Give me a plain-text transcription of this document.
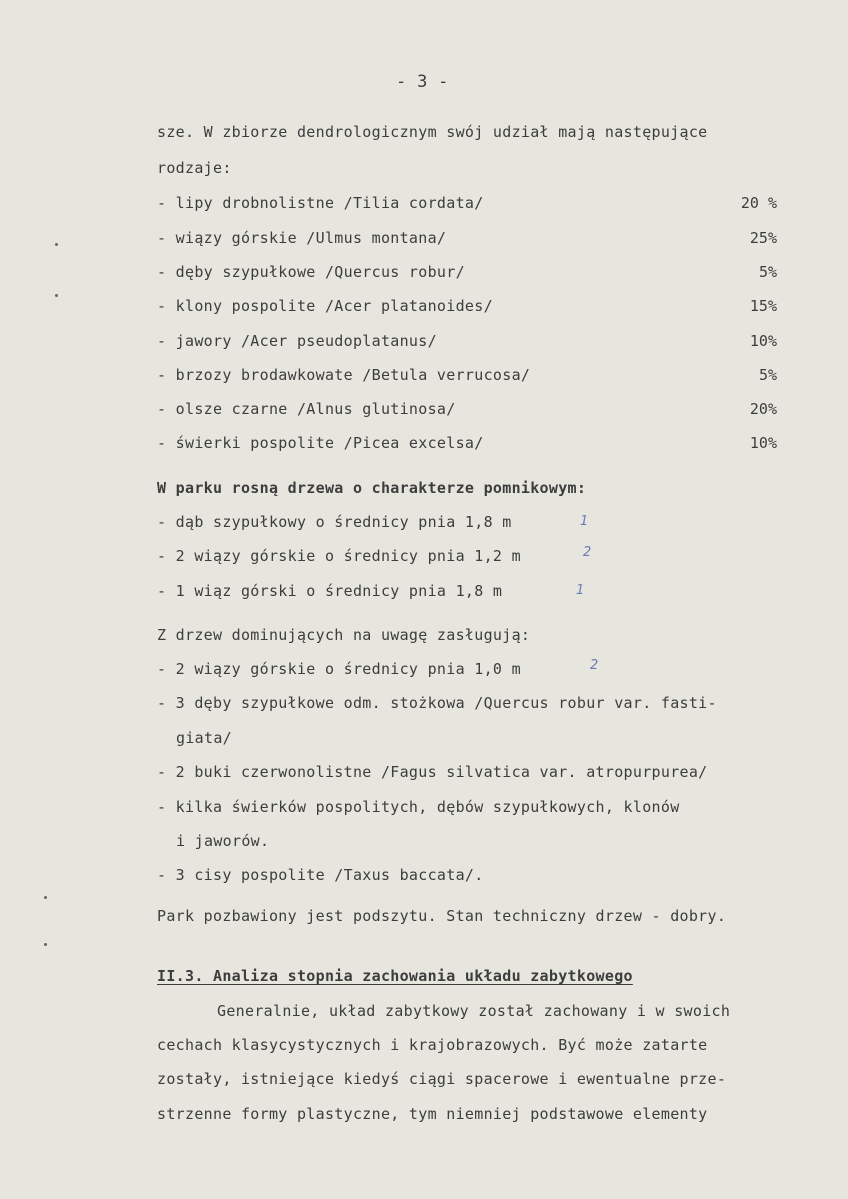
- 3 -
sze. W zbiorze dendrologicznym swój udział mają następujące
rodzaje:
- lipy drobnolistne /Tilia cordata/	20 %
- wiązy górskie /Ulmus montana/	25%
- dęby szypułkowe /Quercus robur/	5%
- klony pospolite /Acer platanoides/	15%
- jawory /Acer pseudoplatanus/	10%
- brzozy brodawkowate /Betula verrucosa/	5%
- olsze czarne /Alnus glutinosa/	20%
- świerki pospolite /Picea excelsa/	10%
W parku rosną drzewa o charakterze pomnikowym:
- dąb szypułkowy o średnicy pnia 1,8 m	1
- 2 wiązy górskie o średnicy pnia 1,2 m	2
- 1 wiąz górski o średnicy pnia 1,8 m	1
Z drzew dominujących na uwagę zasługują:
- 2 wiązy górskie o średnicy pnia 1,0 m	2
- 3 dęby szypułkowe odm. stożkowa /Quercus robur var. fasti-
giata/
- 2 buki czerwonolistne /Fagus silvatica var. atropurpurea/
- kilka świerków pospolitych, dębów szypułkowych, klonów
i jaworów.
- 3 cisy pospolite /Taxus baccata/.
Park pozbawiony jest podszytu. Stan techniczny drzew - dobry.
II.3. Analiza stopnia zachowania układu zabytkowego
Generalnie, układ zabytkowy został zachowany i w swoich
cechach klasycystycznych i krajobrazowych. Być może zatarte
zostały, istniejące kiedyś ciągi spacerowe i ewentualne prze-
strzenne formy plastyczne, tym niemniej podstawowe elementy
